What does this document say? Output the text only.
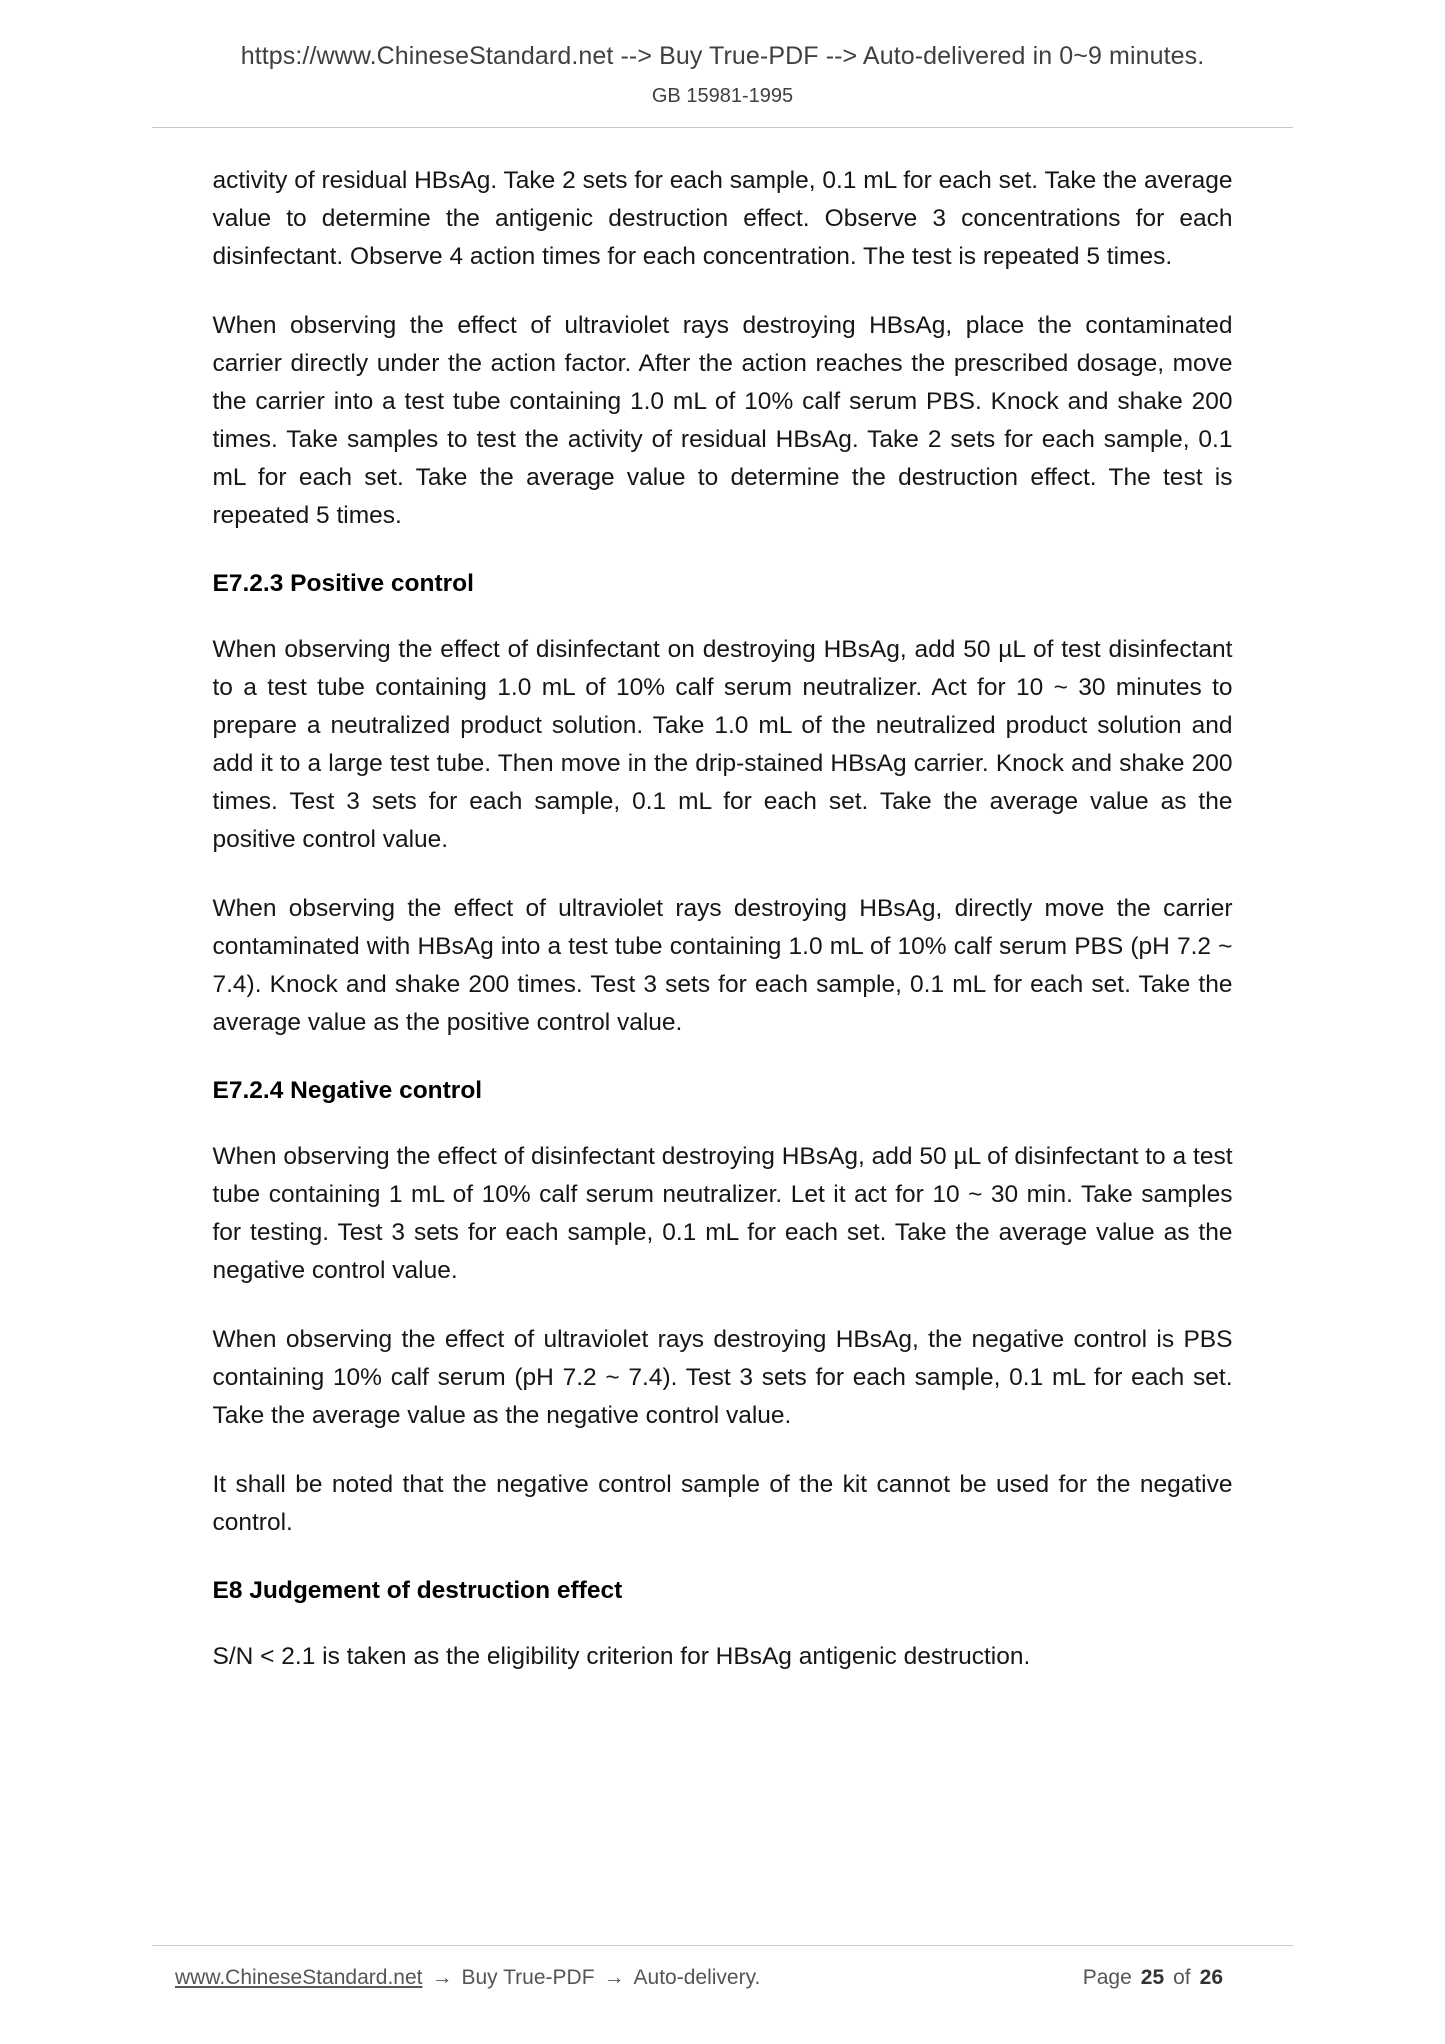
https://www.ChineseStandard.net --> Buy True-PDF --> Auto-delivered in 0~9 minutes.
GB 15981-1995

activity of residual HBsAg. Take 2 sets for each sample, 0.1 mL for each set. Take the average value to determine the antigenic destruction effect. Observe 3 concentrations for each disinfectant. Observe 4 action times for each concentration. The test is repeated 5 times.

When observing the effect of ultraviolet rays destroying HBsAg, place the contaminated carrier directly under the action factor. After the action reaches the prescribed dosage, move the carrier into a test tube containing 1.0 mL of 10% calf serum PBS. Knock and shake 200 times. Take samples to test the activity of residual HBsAg. Take 2 sets for each sample, 0.1 mL for each set. Take the average value to determine the destruction effect. The test is repeated 5 times.

E7.2.3 Positive control

When observing the effect of disinfectant on destroying HBsAg, add 50 µL of test disinfectant to a test tube containing 1.0 mL of 10% calf serum neutralizer. Act for 10 ~ 30 minutes to prepare a neutralized product solution. Take 1.0 mL of the neutralized product solution and add it to a large test tube. Then move in the drip-stained HBsAg carrier. Knock and shake 200 times. Test 3 sets for each sample, 0.1 mL for each set. Take the average value as the positive control value.

When observing the effect of ultraviolet rays destroying HBsAg, directly move the carrier contaminated with HBsAg into a test tube containing 1.0 mL of 10% calf serum PBS (pH 7.2 ~ 7.4). Knock and shake 200 times. Test 3 sets for each sample, 0.1 mL for each set. Take the average value as the positive control value.

E7.2.4 Negative control

When observing the effect of disinfectant destroying HBsAg, add 50 µL of disinfectant to a test tube containing 1 mL of 10% calf serum neutralizer. Let it act for 10 ~ 30 min. Take samples for testing. Test 3 sets for each sample, 0.1 mL for each set. Take the average value as the negative control value.

When observing the effect of ultraviolet rays destroying HBsAg, the negative control is PBS containing 10% calf serum (pH 7.2 ~ 7.4). Test 3 sets for each sample, 0.1 mL for each set. Take the average value as the negative control value.

It shall be noted that the negative control sample of the kit cannot be used for the negative control.

E8 Judgement of destruction effect

S/N < 2.1 is taken as the eligibility criterion for HBsAg antigenic destruction.

www.ChineseStandard.net → Buy True-PDF → Auto-delivery.	Page 25 of 26
